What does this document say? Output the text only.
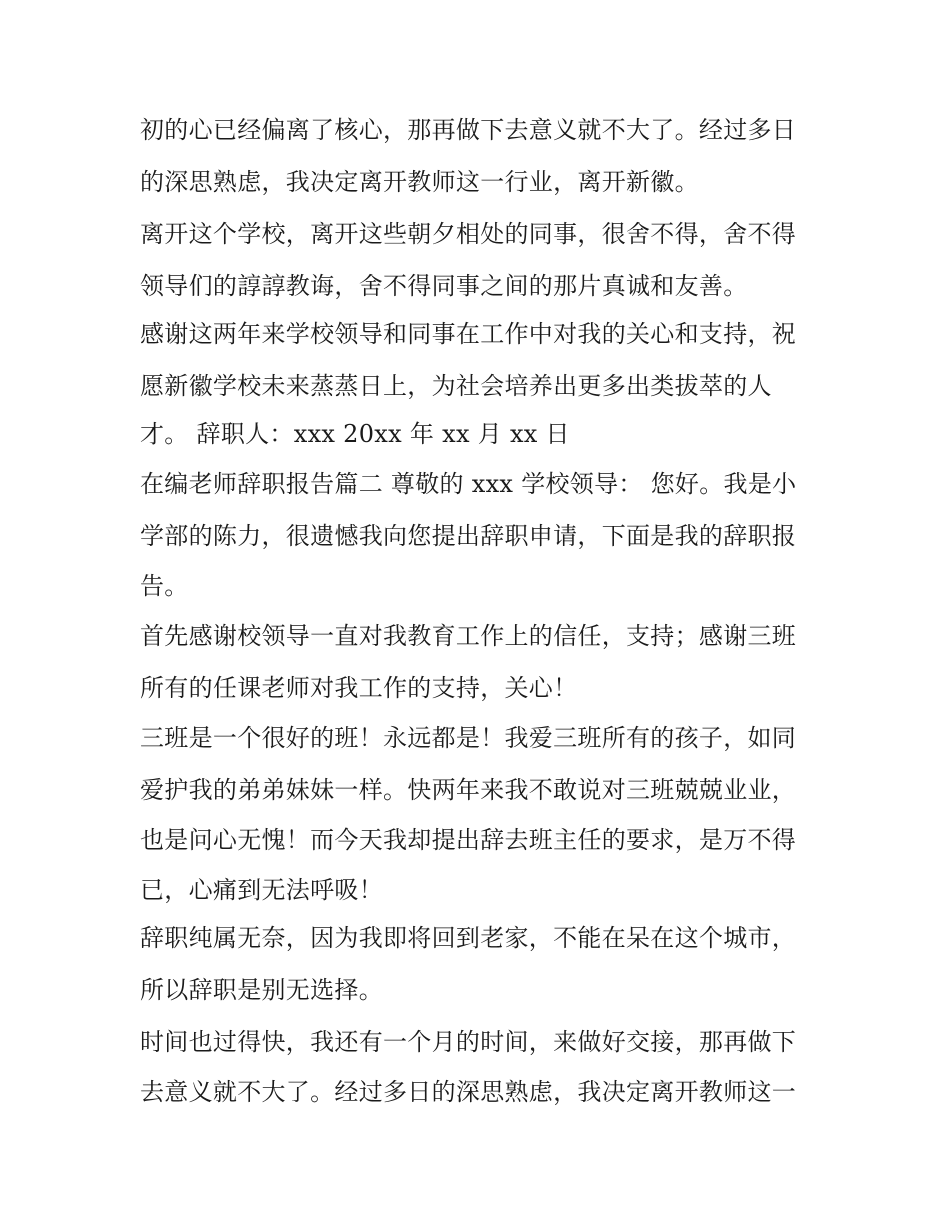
初的心已经偏离了核心，那再做下去意义就不大了。经过多日
的深思熟虑，我决定离开教师这一行业，离开新徽。
离开这个学校，离开这些朝夕相处的同事，很舍不得，舍不得
领导们的諄諄教诲，舍不得同事之间的那片真诚和友善。
感谢这两年来学校领导和同事在工作中对我的关心和支持，祝
愿新徽学校未来蒸蒸日上，为社会培养出更多出类拔萃的人
才。 辞职人：xxx 20xx 年 xx 月 xx 日
在编老师辞职报告篇二 尊敬的 xxx 学校领导： 您好。我是小
学部的陈力，很遗憾我向您提出辞职申请，下面是我的辞职报
告。
首先感谢校领导一直对我教育工作上的信任，支持；感谢三班
所有的任课老师对我工作的支持，关心！
三班是一个很好的班！永远都是！我爱三班所有的孩子，如同
爱护我的弟弟妹妹一样。快两年来我不敢说对三班兢兢业业，
也是问心无愧！而今天我却提出辞去班主任的要求，是万不得
已，心痛到无法呼吸！
辞职纯属无奈，因为我即将回到老家，不能在呆在这个城市，
所以辞职是别无选择。
时间也过得快，我还有一个月的时间，来做好交接，那再做下
去意义就不大了。经过多日的深思熟虑，我决定离开教师这一
